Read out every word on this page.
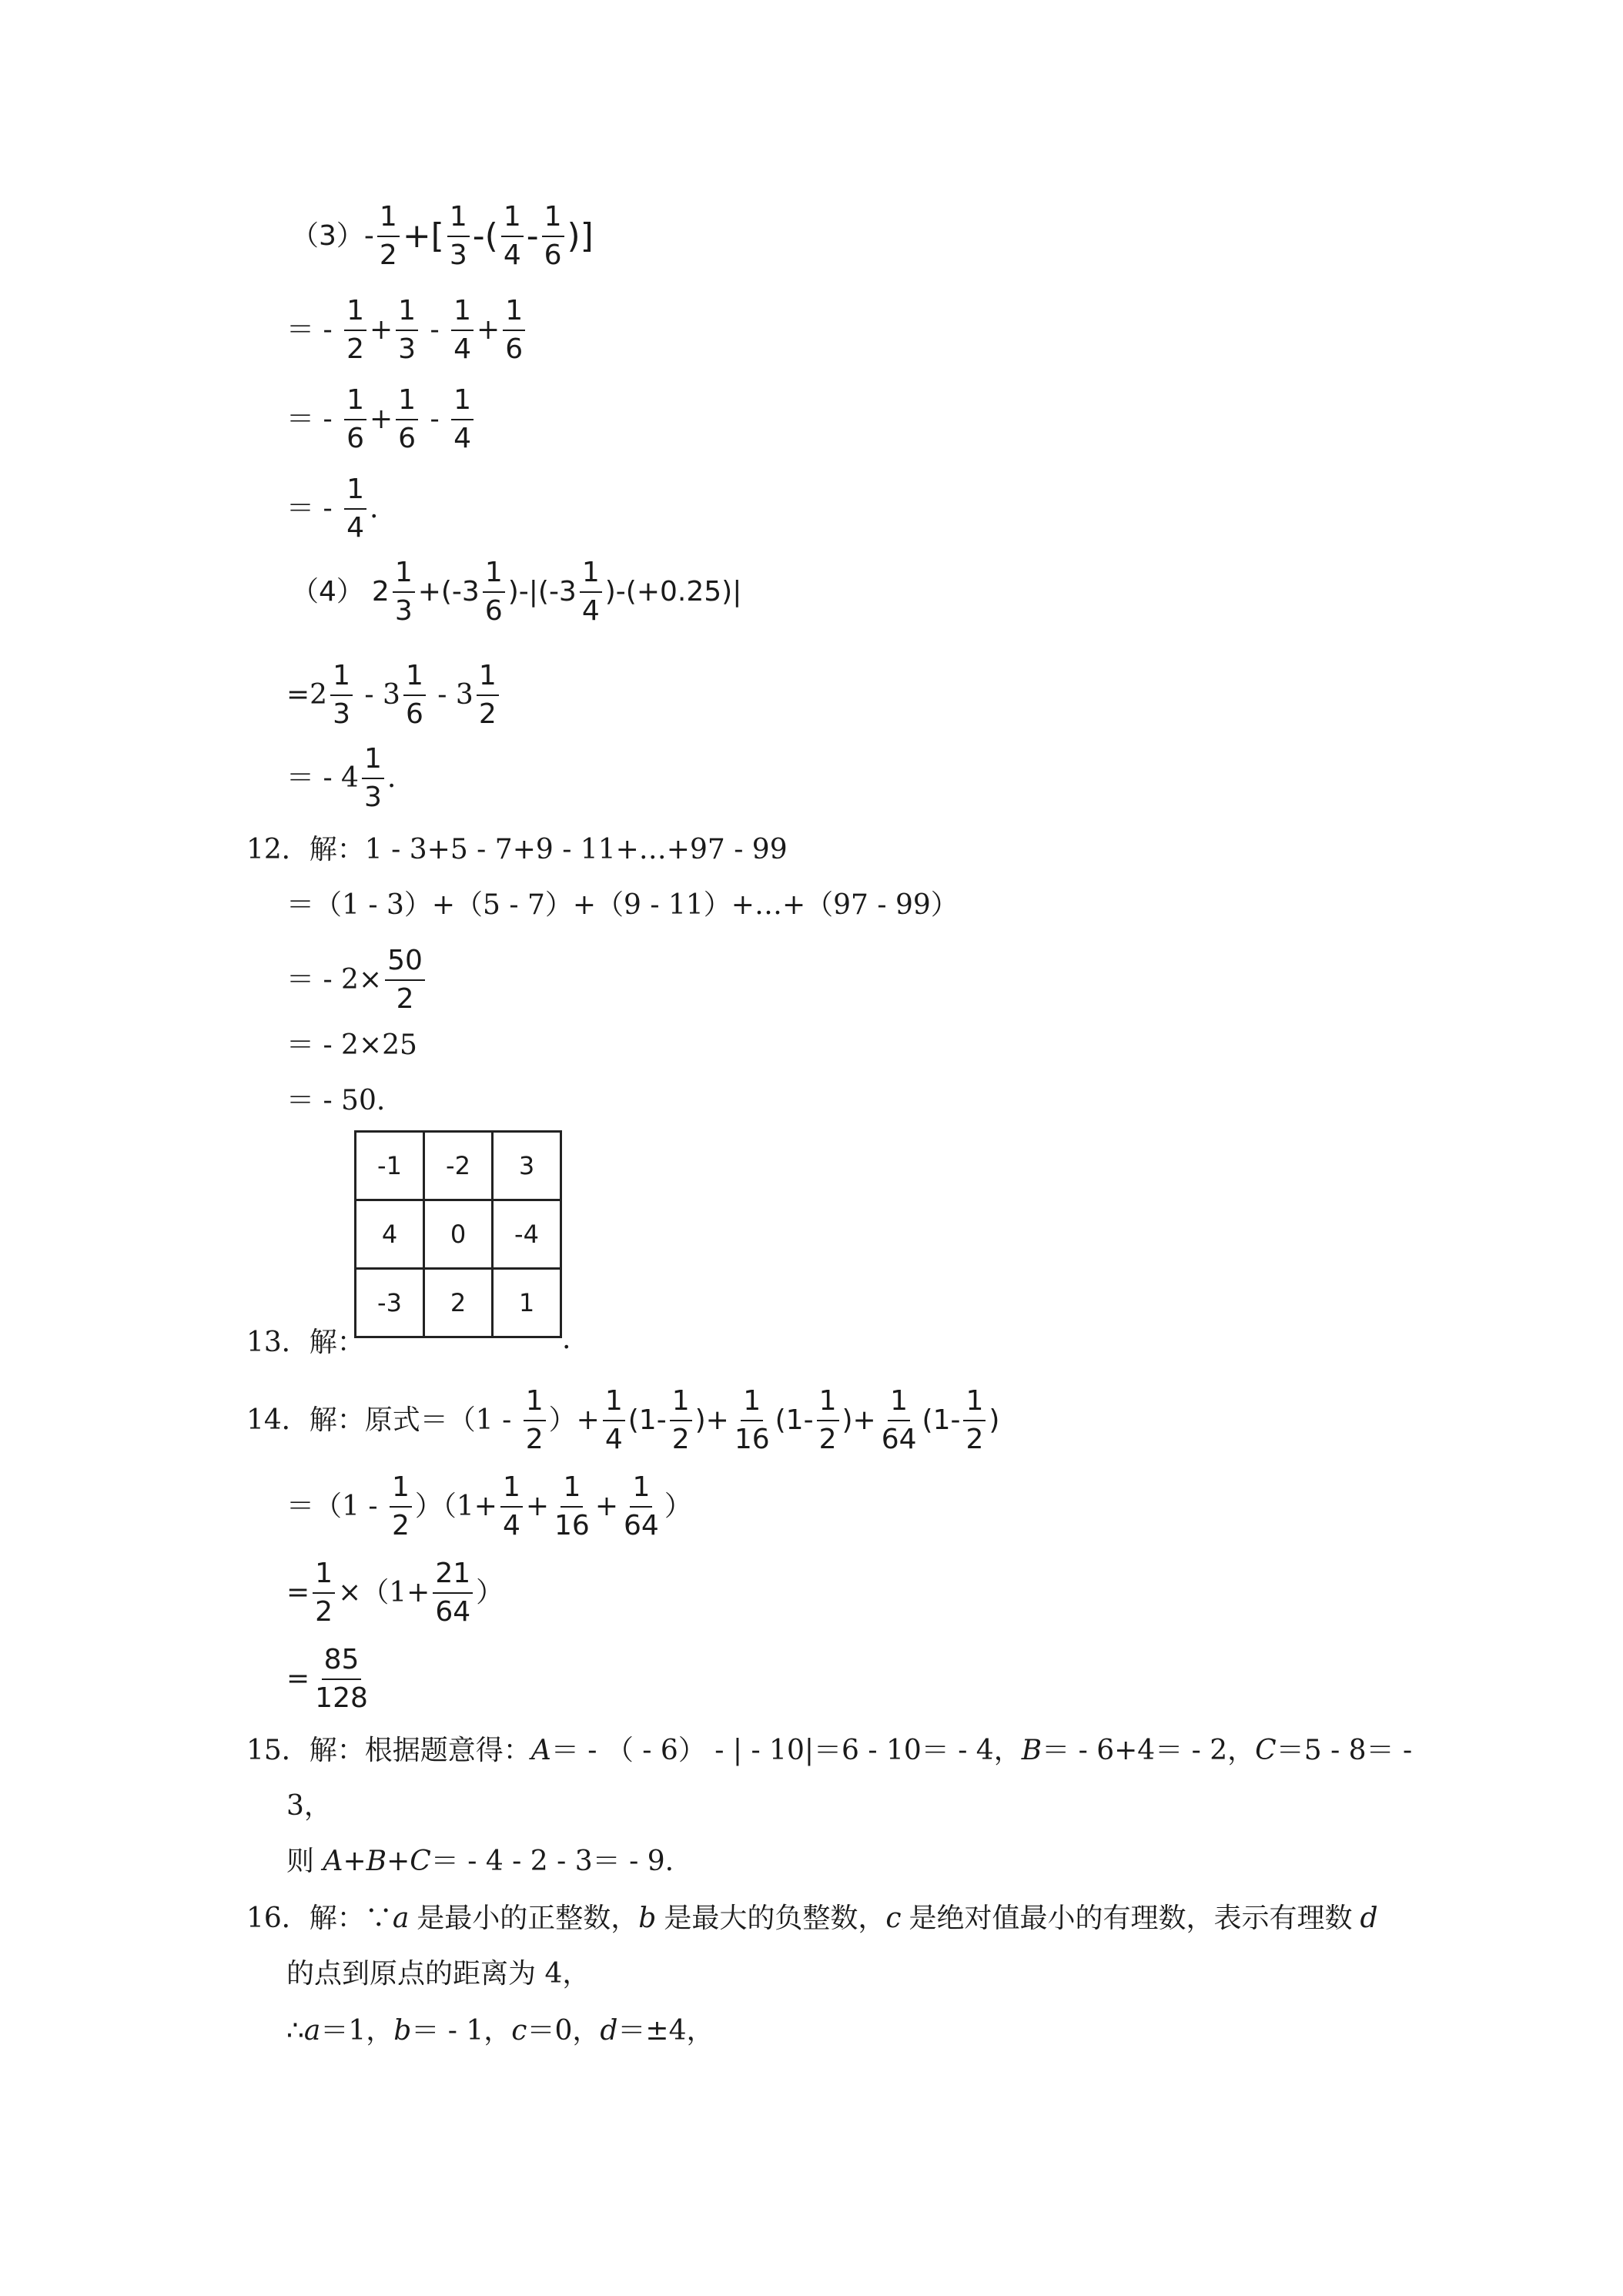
$(3) - \frac{1}{2}$ +[ $\frac{1}{3}$ -( $\frac{1}{4} - \frac{1}{6}$ )]
＝ - $\frac{1}{2} + \frac{1}{3} - \frac{1}{4} + \frac{1}{6}$
＝ - $\frac{1}{6} + \frac{1}{6} - \frac{1}{4}$
＝ - $\frac{1}{4}$ .
（4） $2 \frac{1}{3} +(-3 \frac{1}{6} )-|(-3 \frac{1}{4} )-(+0.25)|$
$=2 \frac{1}{3} - 3 \frac{1}{6} - 3 \frac{1}{2}$
＝ - $4 \frac{1}{3}$ .
12．解：1 - 3+5 - 7+9 - 11+…+97 - 99
＝（1 - 3）+（5 - 7）+（9 - 11）+…+（97 - 99）
＝ - $2\times \frac{50}{2}$
＝ - 2×25
＝ - 50.
-1	-2	3
4	0	-4
-3	2	1
13．解：	.
14．解：原式$=(1 - \frac{1}{2}$ ）+ $\frac{1}{4} (1- \frac{1}{2}$ )+ $\frac{1}{16} (1- \frac{1}{2}$ )+ $\frac{1}{64} (1- \frac{1}{2}$ )
$=(1 - \frac{1}{2} )(1+ \frac{1}{4} + \frac{1}{16} + \frac{1}{64}$ ）
= $\frac{1}{2} \times(1+ \frac{21}{64}$ ）
= $\frac{85}{128}$
15．解：根据题意得： A ＝ - （ - 6） - | - 10|＝6 - 10＝ - 4， B ＝ - 6+4＝ - 2， C ＝5 - 8＝ -
3，
则 A+B+C ＝ - 4 - 2 - 3＝ - 9.
16．解：∵ a 是最小的正整数， b 是最大的负整数， c 是绝对值最小的有理数，表示有理数 d
的点到原点的距离为 4，
∴ a ＝1， b ＝ - 1， c ＝0， d ＝±4，
